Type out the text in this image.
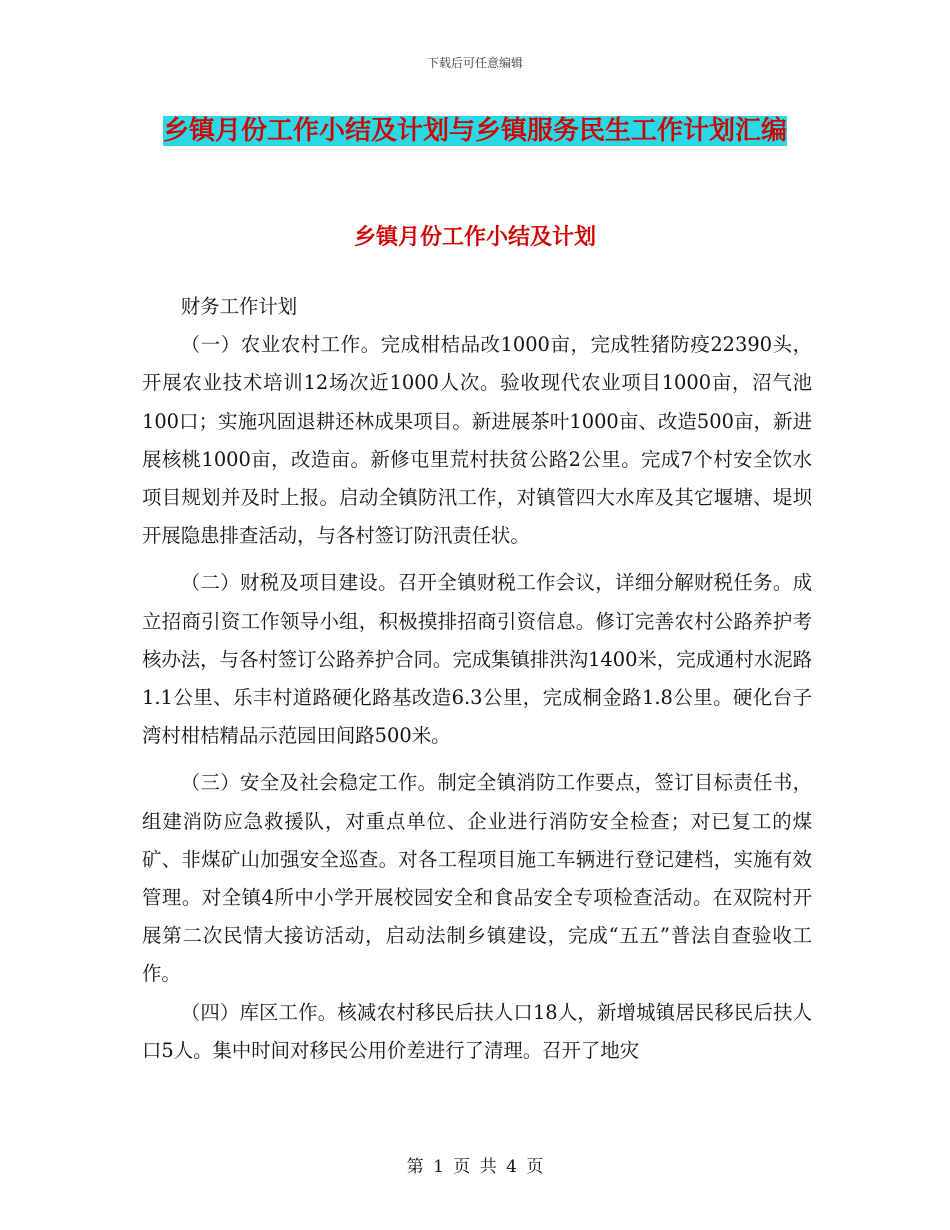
下载后可任意编辑
乡镇月份工作小结及计划与乡镇服务民生工作计划汇编
乡镇月份工作小结及计划

财务工作计划

（一）农业农村工作。完成柑桔品改1000亩，完成牲猪防疫22390头，开展农业技术培训12场次近1000人次。验收现代农业项目1000亩，沼气池100口；实施巩固退耕还林成果项目。新进展茶叶1000亩、改造500亩，新进展核桃1000亩，改造亩。新修屯里荒村扶贫公路2公里。完成7个村安全饮水项目规划并及时上报。启动全镇防汛工作，对镇管四大水库及其它堰塘、堤坝开展隐患排查活动，与各村签订防汛责任状。

（二）财税及项目建设。召开全镇财税工作会议，详细分解财税任务。成立招商引资工作领导小组，积极摸排招商引资信息。修订完善农村公路养护考核办法，与各村签订公路养护合同。完成集镇排洪沟1400米，完成通村水泥路1.1公里、乐丰村道路硬化路基改造6.3公里，完成桐金路1.8公里。硬化台子湾村柑桔精品示范园田间路500米。

（三）安全及社会稳定工作。制定全镇消防工作要点，签订目标责任书，组建消防应急救援队，对重点单位、企业进行消防安全检查；对已复工的煤矿、非煤矿山加强安全巡查。对各工程项目施工车辆进行登记建档，实施有效管理。对全镇4所中小学开展校园安全和食品安全专项检查活动。在双院村开展第二次民情大接访活动，启动法制乡镇建设，完成“五五”普法自查验收工作。

（四）库区工作。核减农村移民后扶人口18人，新增城镇居民移民后扶人口5人。集中时间对移民公用价差进行了清理。召开了地灾

第 1 页 共 4 页
